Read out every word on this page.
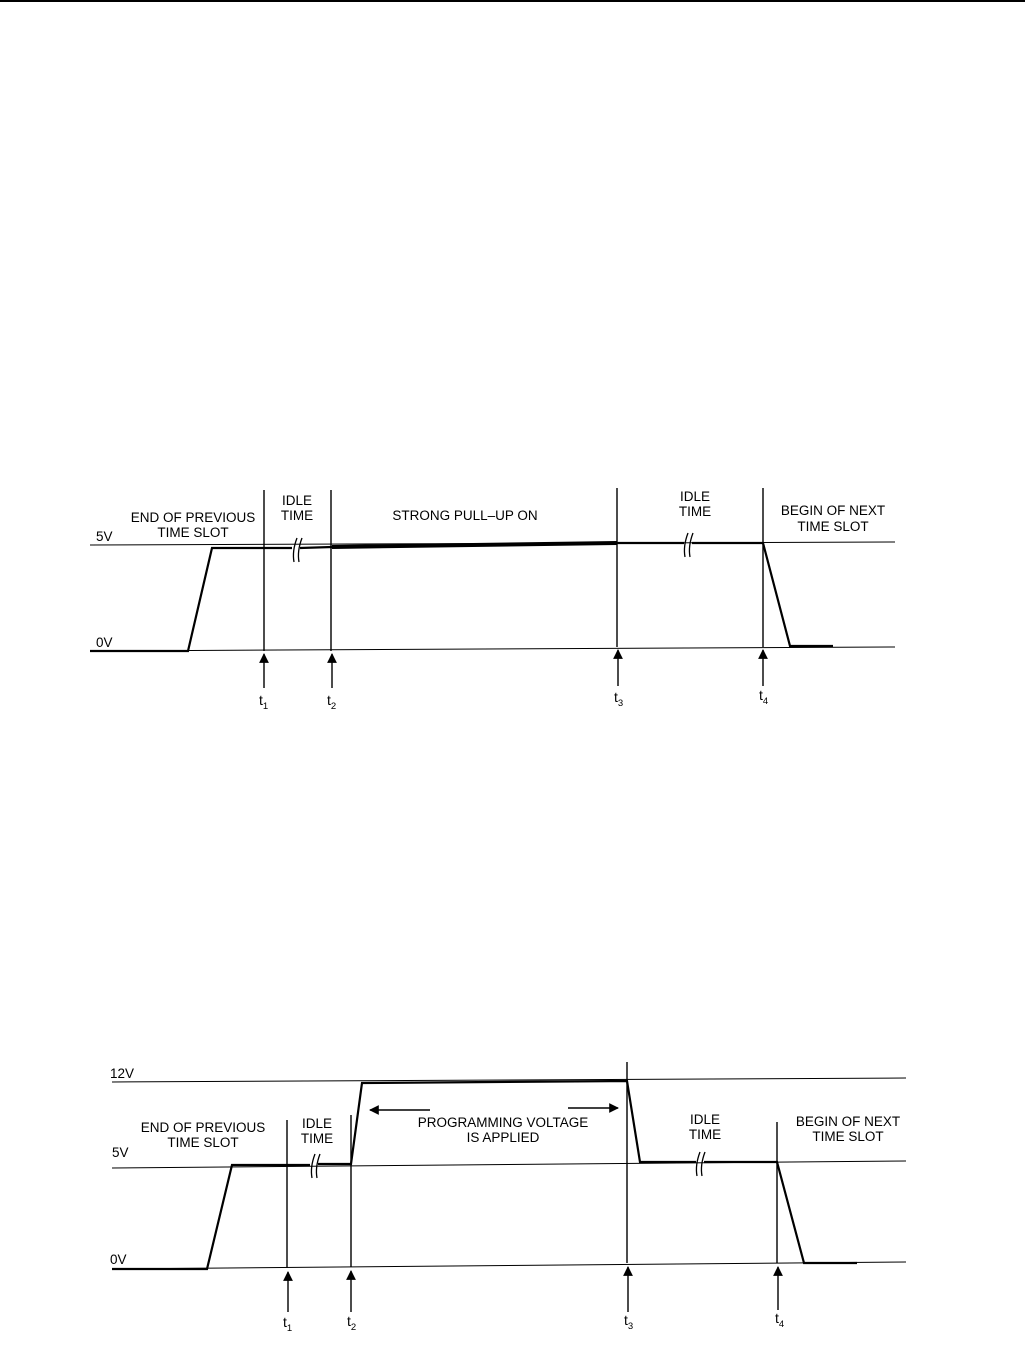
5V
0V
END OF PREVIOUS
TIME SLOT
IDLE
TIME	STRONG PULL–UP ON
IDLE
TIME	BEGIN OF NEXT
TIME SLOT
$t_1$	$t_2$
$t_3$
$t_4$
12V
5V
0V
END OF PREVIOUS
TIME SLOT
IDLE
TIME
PROGRAMMING VOLTAGE
IS APPLIED
IDLE
TIME
BEGIN OF NEXT
TIME SLOT
$t_1$	$t_2$	$t_3$
$t_4$
